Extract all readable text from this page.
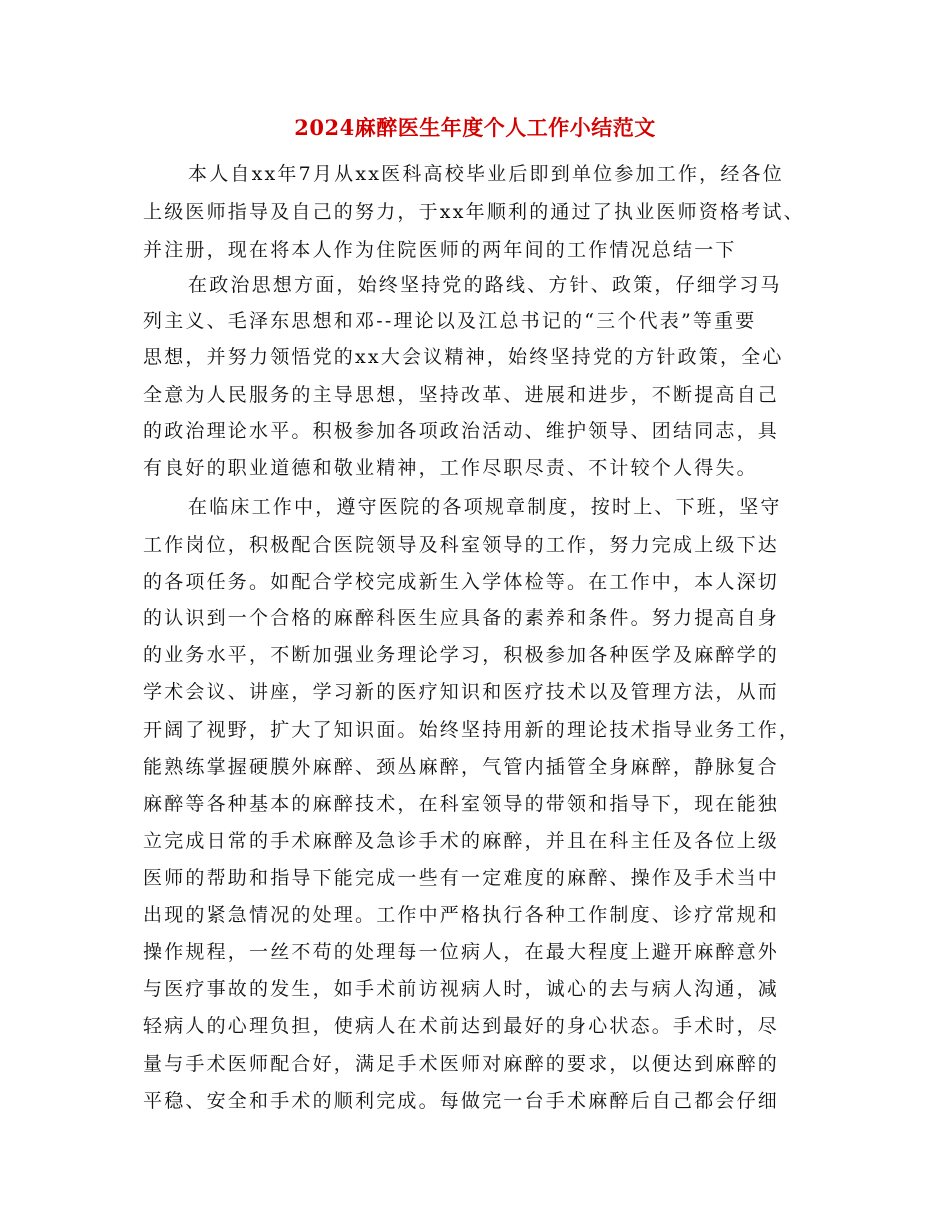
2024麻醉医生年度个人工作小结范文
本人自xx年7月从xx医科高校毕业后即到单位参加工作，经各位
上级医师指导及自己的努力，于xx年顺利的通过了执业医师资格考试、
并注册，现在将本人作为住院医师的两年间的工作情况总结一下
在政治思想方面，始终坚持党的路线、方针、政策，仔细学习马
列主义、毛泽东思想和邓--理论以及江总书记的“三个代表”等重要
思想，并努力领悟党的xx大会议精神，始终坚持党的方针政策，全心
全意为人民服务的主导思想，坚持改革、进展和进步，不断提高自己
的政治理论水平。积极参加各项政治活动、维护领导、团结同志，具
有良好的职业道德和敬业精神，工作尽职尽责、不计较个人得失。
在临床工作中，遵守医院的各项规章制度，按时上、下班，坚守
工作岗位，积极配合医院领导及科室领导的工作，努力完成上级下达
的各项任务。如配合学校完成新生入学体检等。在工作中，本人深切
的认识到一个合格的麻醉科医生应具备的素养和条件。努力提高自身
的业务水平，不断加强业务理论学习，积极参加各种医学及麻醉学的
学术会议、讲座，学习新的医疗知识和医疗技术以及管理方法，从而
开阔了视野，扩大了知识面。始终坚持用新的理论技术指导业务工作，
能熟练掌握硬膜外麻醉、颈丛麻醉，气管内插管全身麻醉，静脉复合
麻醉等各种基本的麻醉技术，在科室领导的带领和指导下，现在能独
立完成日常的手术麻醉及急诊手术的麻醉，并且在科主任及各位上级
医师的帮助和指导下能完成一些有一定难度的麻醉、操作及手术当中
出现的紧急情况的处理。工作中严格执行各种工作制度、诊疗常规和
操作规程，一丝不苟的处理每一位病人，在最大程度上避开麻醉意外
与医疗事故的发生，如手术前访视病人时，诚心的去与病人沟通，减
轻病人的心理负担，使病人在术前达到最好的身心状态。手术时，尽
量与手术医师配合好，满足手术医师对麻醉的要求，以便达到麻醉的
平稳、安全和手术的顺利完成。每做完一台手术麻醉后自己都会仔细
